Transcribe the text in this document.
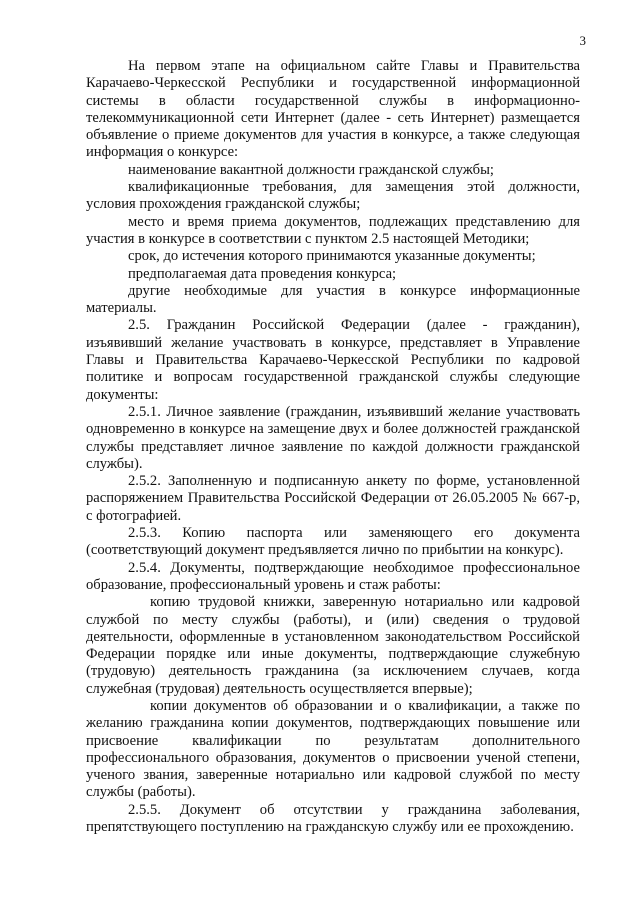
3

На первом этапе на официальном сайте Главы и Правительства Карачаево-Черкесской Республики и государственной информационной системы в области государственной службы в информационно-телекоммуникационной сети Интернет (далее - сеть Интернет) размещается объявление о приеме документов для участия в конкурсе, а также следующая информация о конкурсе:

наименование вакантной должности гражданской службы;

квалификационные требования, для замещения этой должности, условия прохождения гражданской службы;

место и время приема документов, подлежащих представлению для участия в конкурсе в соответствии с пунктом 2.5 настоящей Методики;

срок, до истечения которого принимаются указанные документы;

предполагаемая дата проведения конкурса;

другие необходимые для участия в конкурсе информационные материалы.

2.5. Гражданин Российской Федерации (далее - гражданин), изъявивший желание участвовать в конкурсе, представляет в Управление Главы и Правительства Карачаево-Черкесской Республики по кадровой политике и вопросам государственной гражданской службы следующие документы:

2.5.1. Личное заявление (гражданин, изъявивший желание участвовать одновременно в конкурсе на замещение двух и более должностей гражданской службы представляет личное заявление по каждой должности гражданской службы).

2.5.2. Заполненную и подписанную анкету по форме, установленной распоряжением Правительства Российской Федерации от 26.05.2005 № 667-р, с фотографией.

2.5.3. Копию паспорта или заменяющего его документа (соответствующий документ предъявляется лично по прибытии на конкурс).

2.5.4. Документы, подтверждающие необходимое профессиональное образование, профессиональный уровень и стаж работы:

копию трудовой книжки, заверенную нотариально или кадровой службой по месту службы (работы), и (или) сведения о трудовой деятельности, оформленные в установленном законодательством Российской Федерации порядке или иные документы, подтверждающие служебную (трудовую) деятельность гражданина (за исключением случаев, когда служебная (трудовая) деятельность осуществляется впервые);

копии документов об образовании и о квалификации, а также по желанию гражданина копии документов, подтверждающих повышение или присвоение квалификации по результатам дополнительного профессионального образования, документов о присвоении ученой степени, ученого звания, заверенные нотариально или кадровой службой по месту службы (работы).

2.5.5. Документ об отсутствии у гражданина заболевания, препятствующего поступлению на гражданскую службу или ее прохождению.
